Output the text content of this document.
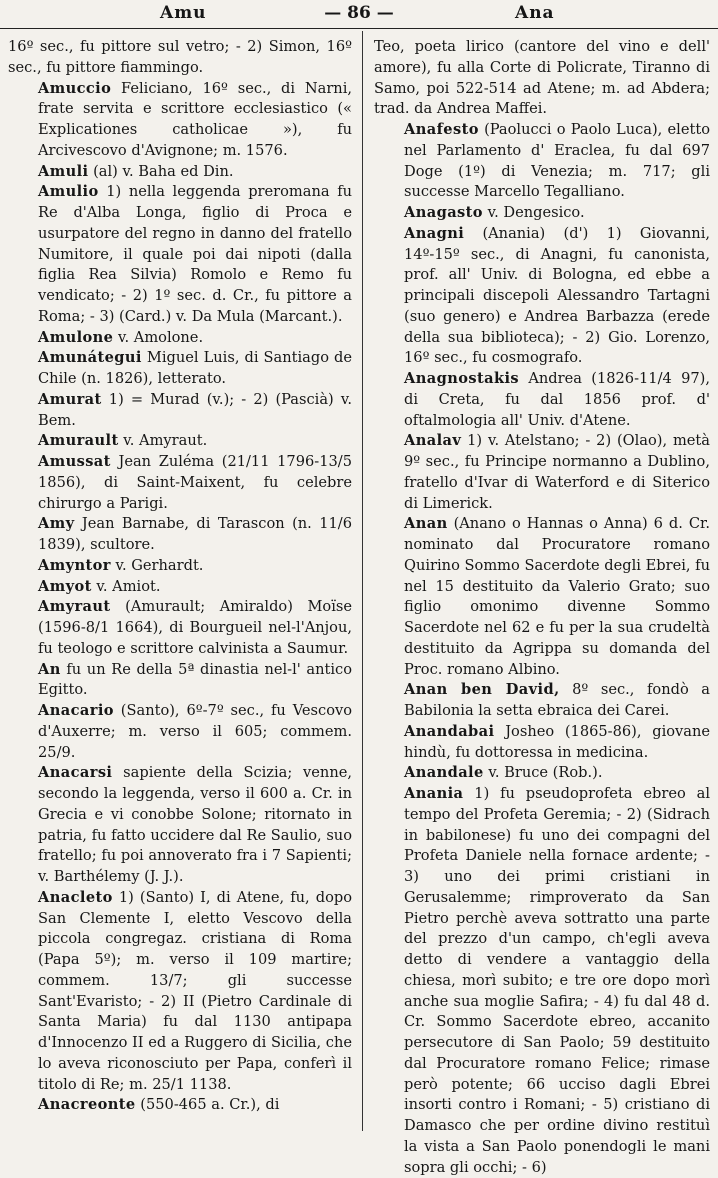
Amu	— 86 —	Ana
16º sec., fu pittore sul vetro; - 2) Simon, 16º sec., fu pittore fiammingo.
Amuccio Feliciano, 16º sec., di Narni, frate servita e scrittore ecclesiastico (« Explicationes catholicae »), fu Arcivescovo d'Avignone; m. 1576.
Amuli (al) v. Baha ed Din.
Amulio 1) nella leggenda preromana fu Re d'Alba Longa, figlio di Proca e usurpatore del regno in danno del fratello Numitore, il quale poi dai nipoti (dalla figlia Rea Silvia) Romolo e Remo fu vendicato; - 2) 1º sec. d. Cr., fu pittore a Roma; - 3) (Card.) v. Da Mula (Marcant.).
Amulone v. Amolone.
Amunátegui Miguel Luis, di Santiago de Chile (n. 1826), letterato.
Amurat 1) = Murad (v.); - 2) (Pascià) v. Bem.
Amurault v. Amyraut.
Amussat Jean Zuléma (21/11 1796-13/5 1856), di Saint-Maixent, fu celebre chirurgo a Parigi.
Amy Jean Barnabe, di Tarascon (n. 11/6 1839), scultore.
Amyntor v. Gerhardt.
Amyot v. Amiot.
Amyraut (Amurault; Amiraldo) Moïse (1596-8/1 1664), di Bourgueil nel-l'Anjou, fu teologo e scrittore calvinista a Saumur.
An fu un Re della 5ª dinastia nel-l' antico Egitto.
Anacario (Santo), 6º-7º sec., fu Vescovo d'Auxerre; m. verso il 605; commem. 25/9.
Anacarsi sapiente della Scizia; venne, secondo la leggenda, verso il 600 a. Cr. in Grecia e vi conobbe Solone; ritornato in patria, fu fatto uccidere dal Re Saulio, suo fratello; fu poi annoverato fra i 7 Sapienti; v. Barthélemy (J. J.).
Anacleto 1) (Santo) I, di Atene, fu, dopo San Clemente I, eletto Vescovo della piccola congregaz. cristiana di Roma (Papa 5º); m. verso il 109 martire; commem. 13/7; gli successe Sant'Evaristo; - 2) II (Pietro Cardinale di Santa Maria) fu dal 1130 antipapa d'Innocenzo II ed a Ruggero di Sicilia, che lo aveva riconosciuto per Papa, conferì il titolo di Re; m. 25/1 1138.
Anacreonte (550-465 a. Cr.), di
Teo, poeta lirico (cantore del vino e dell' amore), fu alla Corte di Policrate, Tiranno di Samo, poi 522-514 ad Atene; m. ad Abdera; trad. da Andrea Maffei.
Anafesto (Paolucci o Paolo Luca), eletto nel Parlamento d' Eraclea, fu dal 697 Doge (1º) di Venezia; m. 717; gli successe Marcello Tegalliano.
Anagasto v. Dengesico.
Anagni (Anania) (d') 1) Giovanni, 14º-15º sec., di Anagni, fu canonista, prof. all' Univ. di Bologna, ed ebbe a principali discepoli Alessandro Tartagni (suo genero) e Andrea Barbazza (erede della sua biblioteca); - 2) Gio. Lorenzo, 16º sec., fu cosmografo.
Anagnostakis Andrea (1826-11/4 97), di Creta, fu dal 1856 prof. d' oftalmologia all' Univ. d'Atene.
Analav 1) v. Atelstano; - 2) (Olao), metà 9º sec., fu Principe normanno a Dublino, fratello d'Ivar di Waterford e di Siterico di Limerick.
Anan (Anano o Hannas o Anna) 6 d. Cr. nominato dal Procuratore romano Quirino Sommo Sacerdote degli Ebrei, fu nel 15 destituito da Valerio Grato; suo figlio omonimo divenne Sommo Sacerdote nel 62 e fu per la sua crudeltà destituito da Agrippa su domanda del Proc. romano Albino.
Anan ben David, 8º sec., fondò a Babilonia la setta ebraica dei Carei.
Anandabai Josheo (1865-86), giovane hindù, fu dottoressa in medicina.
Anandale v. Bruce (Rob.).
Anania 1) fu pseudoprofeta ebreo al tempo del Profeta Geremia; - 2) (Sidrach in babilonese) fu uno dei compagni del Profeta Daniele nella fornace ardente; - 3) uno dei primi cristiani in Gerusalemme; rimproverato da San Pietro perchè aveva sottratto una parte del prezzo d'un campo, ch'egli aveva detto di vendere a vantaggio della chiesa, morì subito; e tre ore dopo morì anche sua moglie Safira; - 4) fu dal 48 d. Cr. Sommo Sacerdote ebreo, accanito persecutore di San Paolo; 59 destituito dal Procuratore romano Felice; rimase però potente; 66 ucciso dagli Ebrei insorti contro i Romani; - 5) cristiano di Damasco che per ordine divino restituì la vista a San Paolo ponendogli le mani sopra gli occhi; - 6)
